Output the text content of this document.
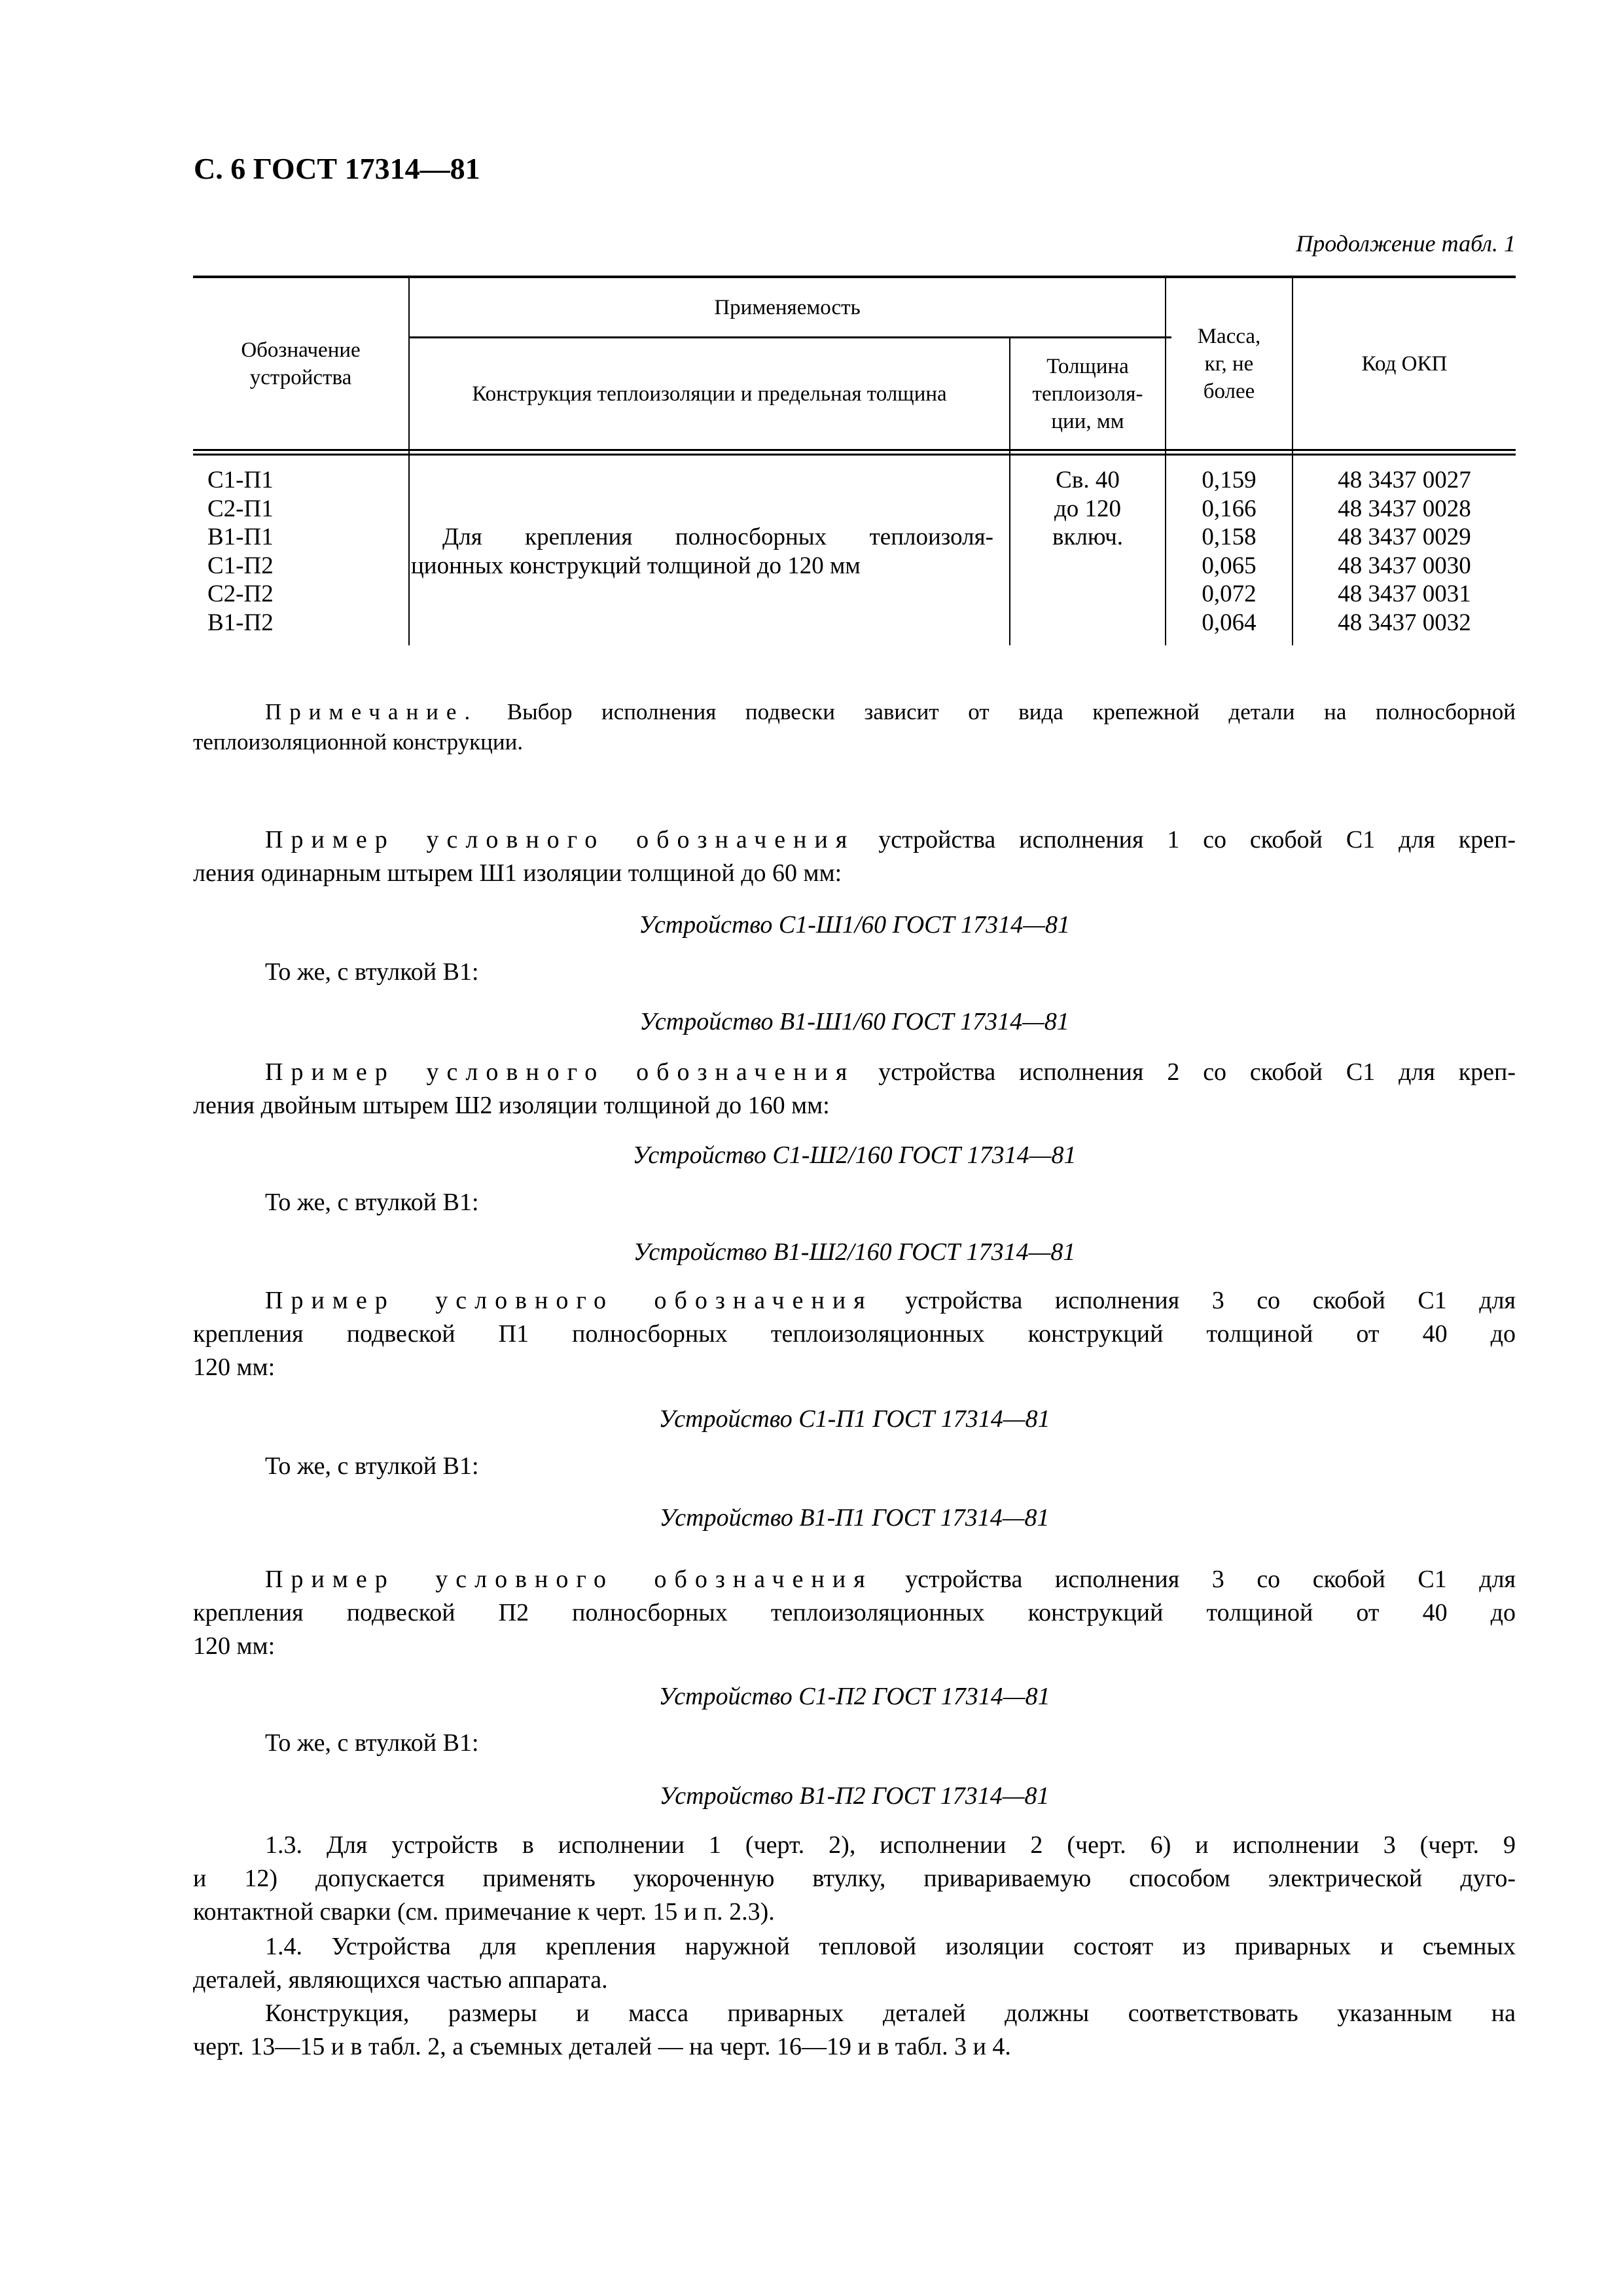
С. 6 ГОСТ 17314—81
Продолжение табл. 1
Обозначение
устройства
Применяемость
Конструкция теплоизоляции и предельная толщина
Толщина
теплоизоля-
ции, мм
Масса,
кг, не
более
Код ОКП
С1-П1
С2-П1
В1-П1
С1-П2
С2-П2
В1-П2
Для крепления полносборных теплоизоля-
ционных конструкций толщиной до 120 мм
Св. 40
до 120
включ.
0,159
0,166
0,158
0,065
0,072
0,064
48 3437 0027
48 3437 0028
48 3437 0029
48 3437 0030
48 3437 0031
48 3437 0032
Примечание. Выбор исполнения подвески зависит от вида крепежной детали на полносборной
теплоизоляционной конструкции.
Пример условного обозначения устройства исполнения 1 со скобой С1 для креп-
ления одинарным штырем Ш1 изоляции толщиной до 60 мм:
Устройство С1-Ш1/60 ГОСТ 17314—81
То же, с втулкой В1:
Устройство В1-Ш1/60 ГОСТ 17314—81
Пример условного обозначения устройства исполнения 2 со скобой С1 для креп-
ления двойным штырем Ш2 изоляции толщиной до 160 мм:
Устройство С1-Ш2/160 ГОСТ 17314—81
То же, с втулкой В1:
Устройство В1-Ш2/160 ГОСТ 17314—81
Пример условного обозначения устройства исполнения 3 со скобой С1 для
крепления подвеской П1 полносборных теплоизоляционных конструкций толщиной от 40 до
120 мм:
Устройство С1-П1 ГОСТ 17314—81
То же, с втулкой В1:
Устройство В1-П1 ГОСТ 17314—81
Пример условного обозначения устройства исполнения 3 со скобой С1 для
крепления подвеской П2 полносборных теплоизоляционных конструкций толщиной от 40 до
120 мм:
Устройство С1-П2 ГОСТ 17314—81
То же, с втулкой В1:
Устройство В1-П2 ГОСТ 17314—81
1.3. Для устройств в исполнении 1 (черт. 2), исполнении 2 (черт. 6) и исполнении 3 (черт. 9
и 12) допускается применять укороченную втулку, привариваемую способом электрической дуго-
контактной сварки (см. примечание к черт. 15 и п. 2.3).
1.4. Устройства для крепления наружной тепловой изоляции состоят из приварных и съемных
деталей, являющихся частью аппарата.
Конструкция, размеры и масса приварных деталей должны соответствовать указанным на
черт. 13—15 и в табл. 2, а съемных деталей — на черт. 16—19 и в табл. 3 и 4.
